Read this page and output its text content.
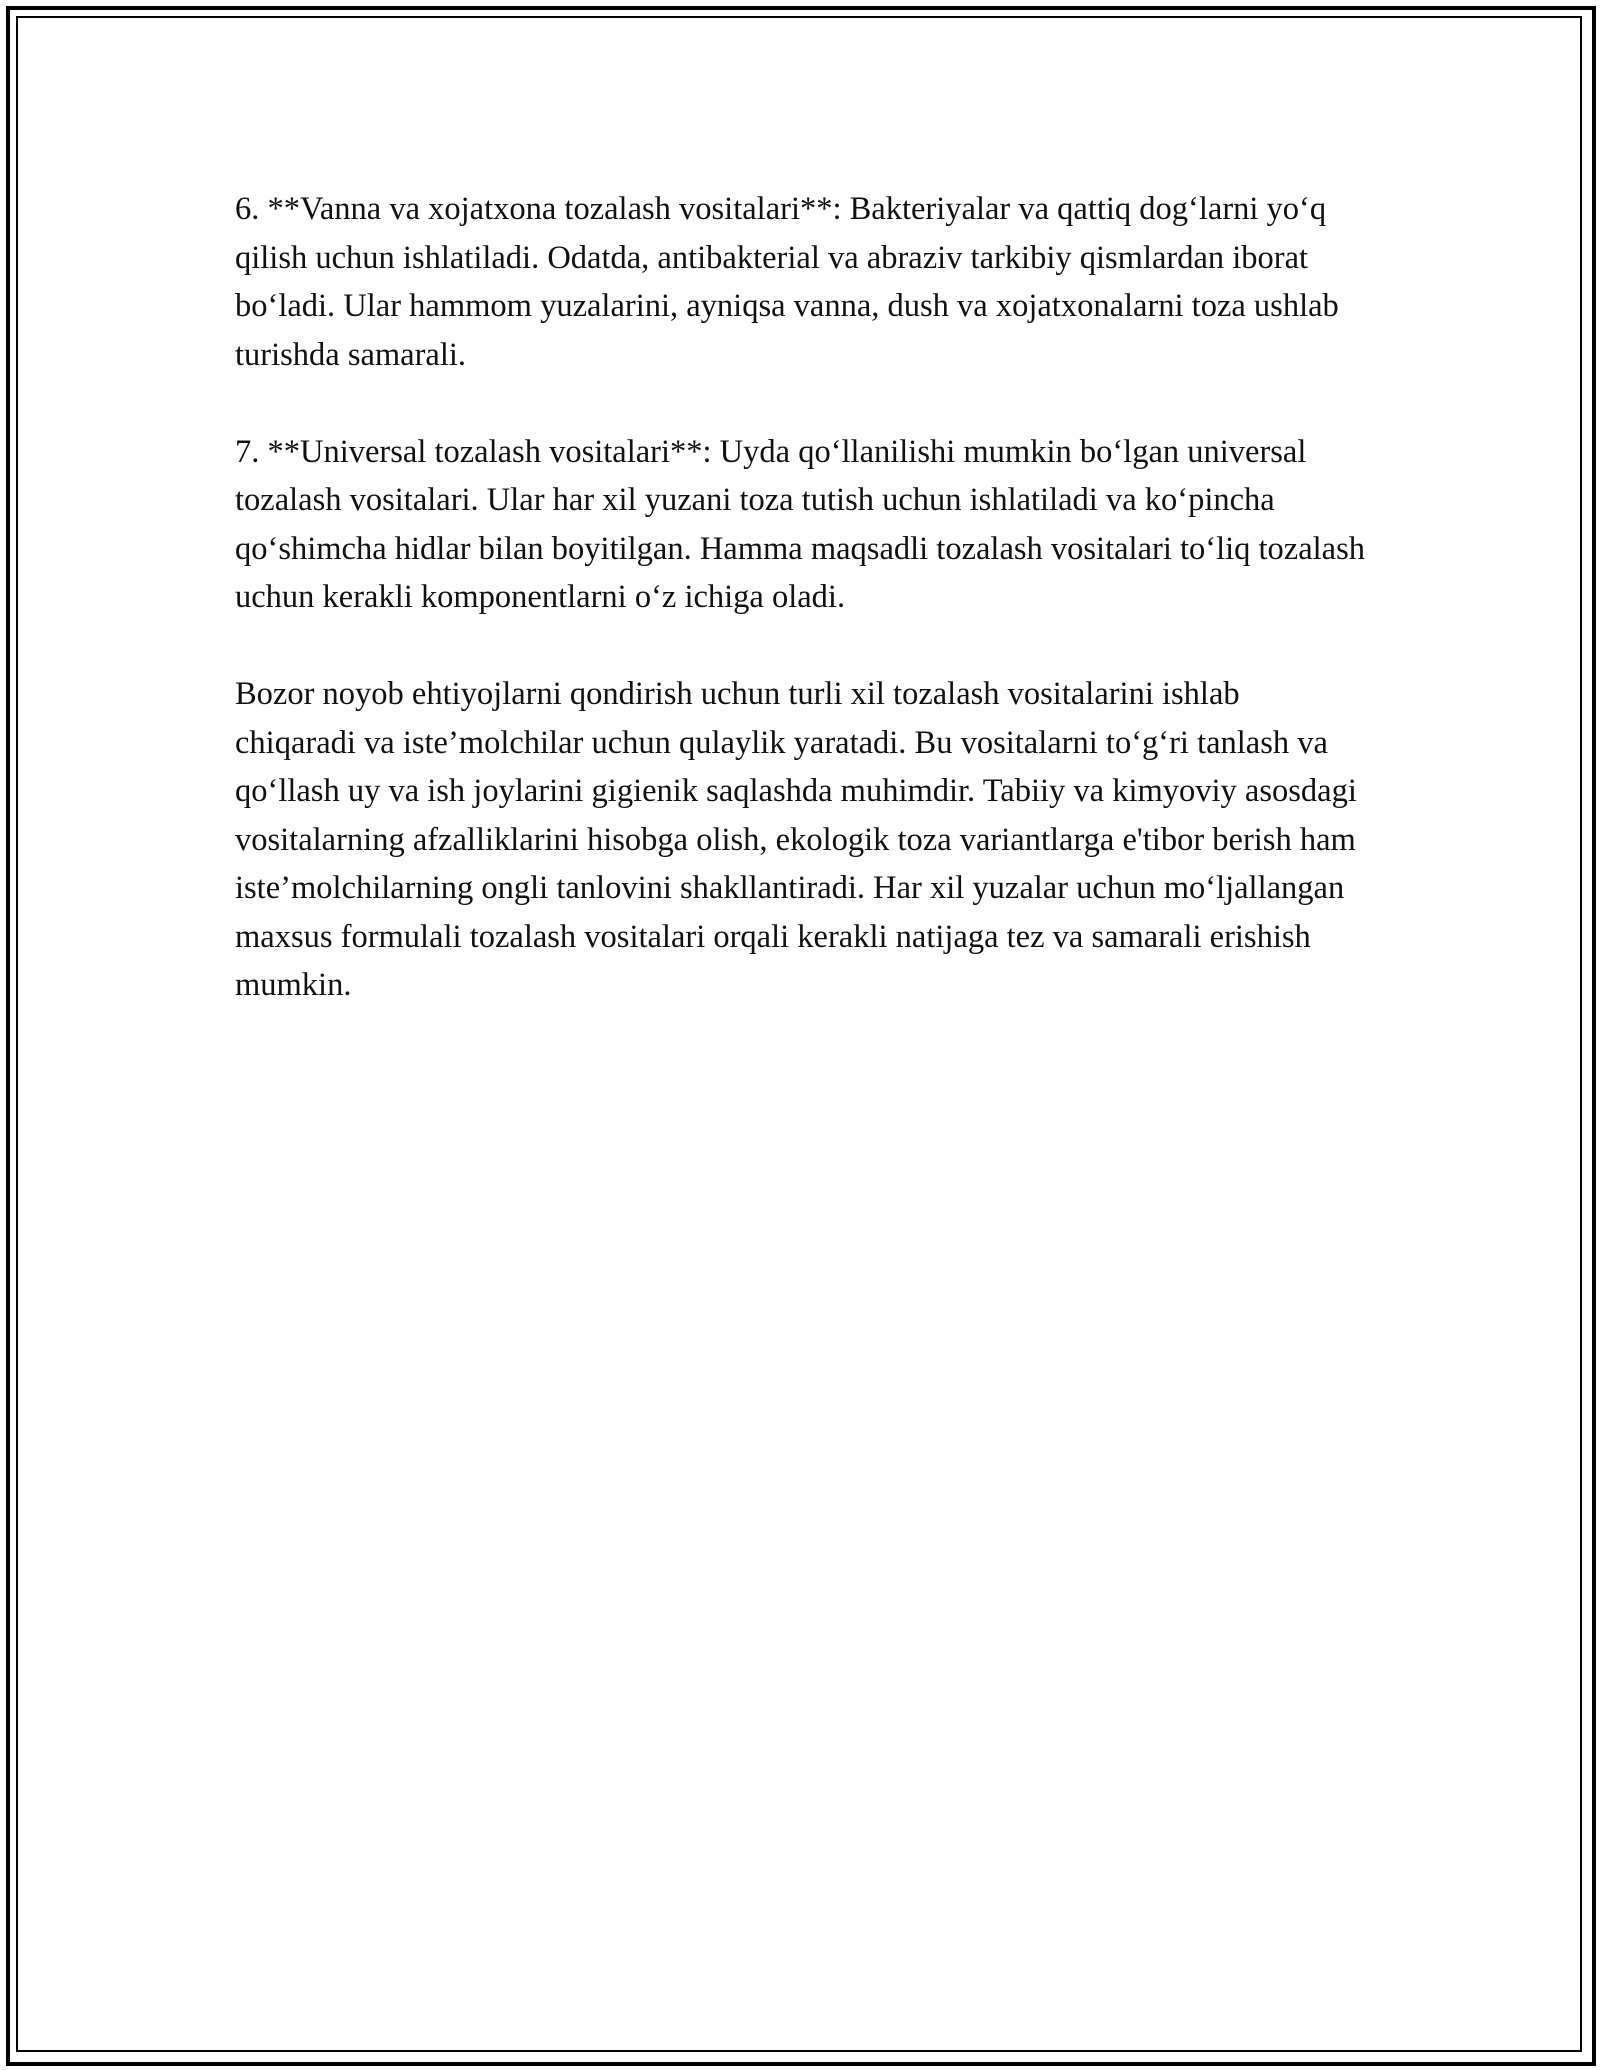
6. **Vanna va xojatxona tozalash vositalari**: Bakteriyalar va qattiq dog‘larni yo‘q qilish uchun ishlatiladi. Odatda, antibakterial va abraziv tarkibiy qismlardan iborat bo‘ladi. Ular hammom yuzalarini, ayniqsa vanna, dush va xojatxonalarni toza ushlab turishda samarali.

7. **Universal tozalash vositalari**: Uyda qo‘llanilishi mumkin bo‘lgan universal tozalash vositalari. Ular har xil yuzani toza tutish uchun ishlatiladi va ko‘pincha qo‘shimcha hidlar bilan boyitilgan. Hamma maqsadli tozalash vositalari to‘liq tozalash uchun kerakli komponentlarni o‘z ichiga oladi.

Bozor noyob ehtiyojlarni qondirish uchun turli xil tozalash vositalarini ishlab chiqaradi va iste’molchilar uchun qulaylik yaratadi. Bu vositalarni to‘g‘ri tanlash va qo‘llash uy va ish joylarini gigienik saqlashda muhimdir. Tabiiy va kimyoviy asosdagi vositalarning afzalliklarini hisobga olish, ekologik toza variantlarga e'tibor berish ham iste’molchilarning ongli tanlovini shakllantiradi. Har xil yuzalar uchun mo‘ljallangan maxsus formulali tozalash vositalari orqali kerakli natijaga tez va samarali erishish mumkin.
